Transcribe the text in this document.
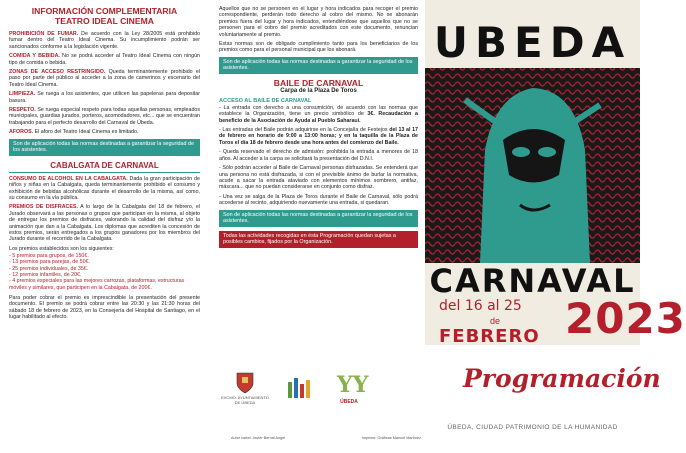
INFORMACIÓN COMPLEMENTARIA
TEATRO IDEAL CINEMA

PROHIBICIÓN DE FUMAR. De acuerdo con la Ley 28/2005 está prohibido fumar dentro del Teatro Ideal Cinema. Su incumplimiento podrán ser sancionados conforme a la legislación vigente.

COMIDA Y BEBIDA. No se podrá acceder al Teatro Ideal Cinema con ningún tipo de comida o bebida.

ZONAS DE ACCESO RESTRINGIDO. Queda terminantemente prohibido el paso por parte del público al acceder a la zona de camerinos y escenario del Teatro Ideal Cinema.

LIMPIEZA. Se ruega a los asistentes, que utilicen las papeleras para depositar basura.

RESPETO. Se ruega especial respeto para todas aquellas personas, empleados municipales, guardias jurados, porteros, acomodadores, etc... que se encuentran trabajando para el perfecto desarrollo del Carnaval de Úbeda.

AFOROS. El aforo del Teatro Ideal Cinema es limitado.

Son de aplicación todas las normas destinadas a garantizar la seguridad de los asistentes.
CABALGATA DE CARNAVAL

CONSUMO DE ALCOHOL EN LA CABALGATA. Dada la gran participación de niños y niñas en la Cabalgata, queda terminantemente prohibido el consumo y exhibición de bebidas alcohólicas durante el desarrollo de la misma, así como, su consumo en la vía pública.

PREMIOS DE DISFRACES. A lo largo de la Cabalgata del 18 de febrero, el Jurado observará a las personas o grupos que participan en la misma, al objeto de entregar los premios de disfraces, valorando la calidad del disfraz y/o la animación que dan a la Cabalgata. Los diplomas que acrediten la concesión de estos premios, serán entregados a los grupos ganadores por los miembros del Jurado durante el recorrido de la Cabalgata.

Los premios establecidos son los siguientes:

- 5 premios para grupos, de 150€.
- 13 premios para parejas, de 50€.
- 25 premios individuales, de 35€.
- 12 premios infantiles, de 20€.
- 4 premios especiales para las mejores carrozas, plataformas, estructuras móviles y similares, que participen en la Cabalgata, de 200€.

Para poder cobrar el premio es imprescindible la presentación del presente documento. El premio se podrá cobrar entre las 20:30 y las 21:30 horas del sábado 18 de febrero de 2023, en la Consejería del Hospital de Santiago, en el lugar habilitado al efecto.

Aquellos que no se personen en el lugar y hora indicados para recoger el premio correspondiente, perderán todo derecho al cobro del mismo. No se abonarán premios fuera del lugar y hora indicados, entendiéndose que aquellos que no se personen para el cobro del premio acreditados con este documento, renuncian voluntariamente al premio.

Estas normas son de obligado cumplimiento tanto para los beneficiarios de los premios como para el personal municipal que los abonará.

Son de aplicación todas las normas destinadas a garantizar la seguridad de los asistentes.
BAILE DE CARNAVAL
Carpa de la Plaza De Toros
ACCESO AL BAILE DE CARNAVAL

- La entrada con derecho a una consumición, de acuerdo con las normas que establece la Organización, tiene un precio simbólico de 3€. Recaudación a beneficio de la Asociación de Ayuda al Pueblo Saharaui.

- Las entradas del Baile podrán adquirirse en la Concejalía de Festejos del 13 al 17 de febrero en horario de 9:00 a 13:00 horas; y en la taquilla de la Plaza de Toros el día 18 de febrero desde una hora antes del comienzo del Baile.

- Queda reservado el derecho de admisión: prohibida la entrada a menores de 18 años. Al acceder a la carpa se solicitará la presentación del D.N.I.

- Sólo podrán acceder al Baile de Carnaval personas disfrazadas. Se entenderá que una persona no está disfrazada, si con el previsible ánimo de burlar la normativa, acude a sacar la entrada ataviado con elementos mínimos sombrero, antifaz, máscara... que no puedan considerarse en conjunto como disfraz.

- Una vez se salga de la Plaza de Toros durante el Baile de Carnaval, sólo podrá accederse al recinto, adquiriendo nuevamente una entrada, si quedaran.

Son de aplicación todas las normas destinadas a garantizar la seguridad de los asistentes.
Todas las actividades recogidas en ésta Programación quedan sujetas a posibles cambios, fijados por la Organización.
EXCMO. AYUNTAMIENTO DE ÚBEDA
YY
ÚBEDA
Autor cartel: Javier Bernal Angel	Imprime: Gráficas Manuel Martínez
UBEDA
CARNAVAL
del 16 al 25
de
FEBRERO 2023
Programación
ÚBEDA, CIUDAD PATRIMONIO DE LA HUMANIDAD
